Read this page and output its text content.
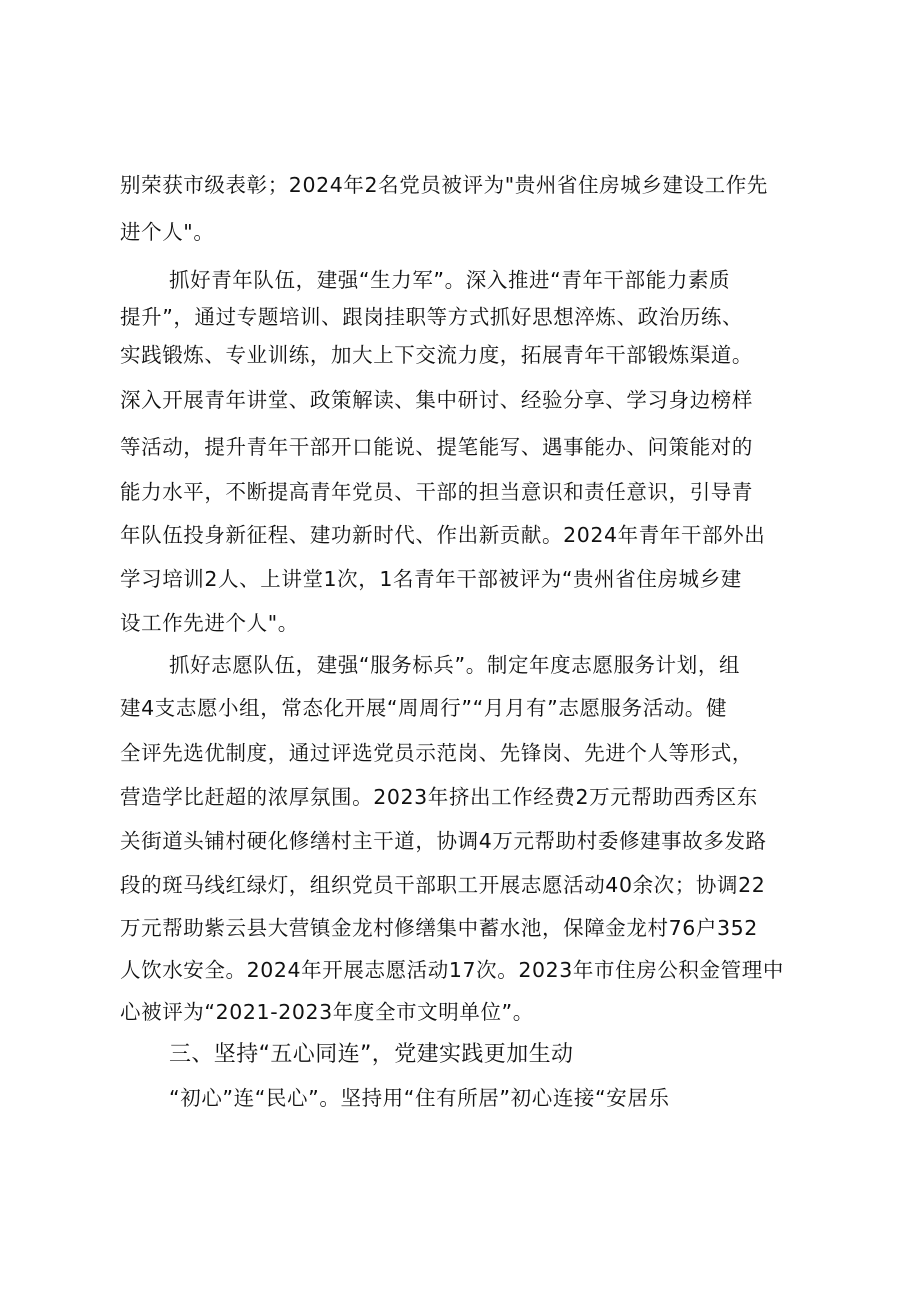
别荣获市级表彰；2024年2名党员被评为"贵州省住房城乡建设工作先
进个人"。
抓好青年队伍，建强“生力军”。深入推进“青年干部能力素质
提升”，通过专题培训、跟岗挂职等方式抓好思想淬炼、政治历练、
实践锻炼、专业训练，加大上下交流力度，拓展青年干部锻炼渠道。
深入开展青年讲堂、政策解读、集中研讨、经验分享、学习身边榜样
等活动，提升青年干部开口能说、提笔能写、遇事能办、问策能对的
能力水平，不断提高青年党员、干部的担当意识和责任意识，引导青
年队伍投身新征程、建功新时代、作出新贡献。2024年青年干部外出
学习培训2人、上讲堂1次，1名青年干部被评为“贵州省住房城乡建
设工作先进个人"。
抓好志愿队伍，建强“服务标兵”。制定年度志愿服务计划，组
建4支志愿小组，常态化开展“周周行”“月月有”志愿服务活动。健
全评先选优制度，通过评选党员示范岗、先锋岗、先进个人等形式，
营造学比赶超的浓厚氛围。2023年挤出工作经费2万元帮助西秀区东
关街道头铺村硬化修缮村主干道，协调4万元帮助村委修建事故多发路
段的斑马线红绿灯，组织党员干部职工开展志愿活动40余次；协调22
万元帮助紫云县大营镇金龙村修缮集中蓄水池，保障金龙村76户352
人饮水安全。2024年开展志愿活动17次。2023年市住房公积金管理中
心被评为“2021-2023年度全市文明单位”。
三、坚持“五心同连”，党建实践更加生动
“初心”连“民心”。坚持用“住有所居”初心连接“安居乐
